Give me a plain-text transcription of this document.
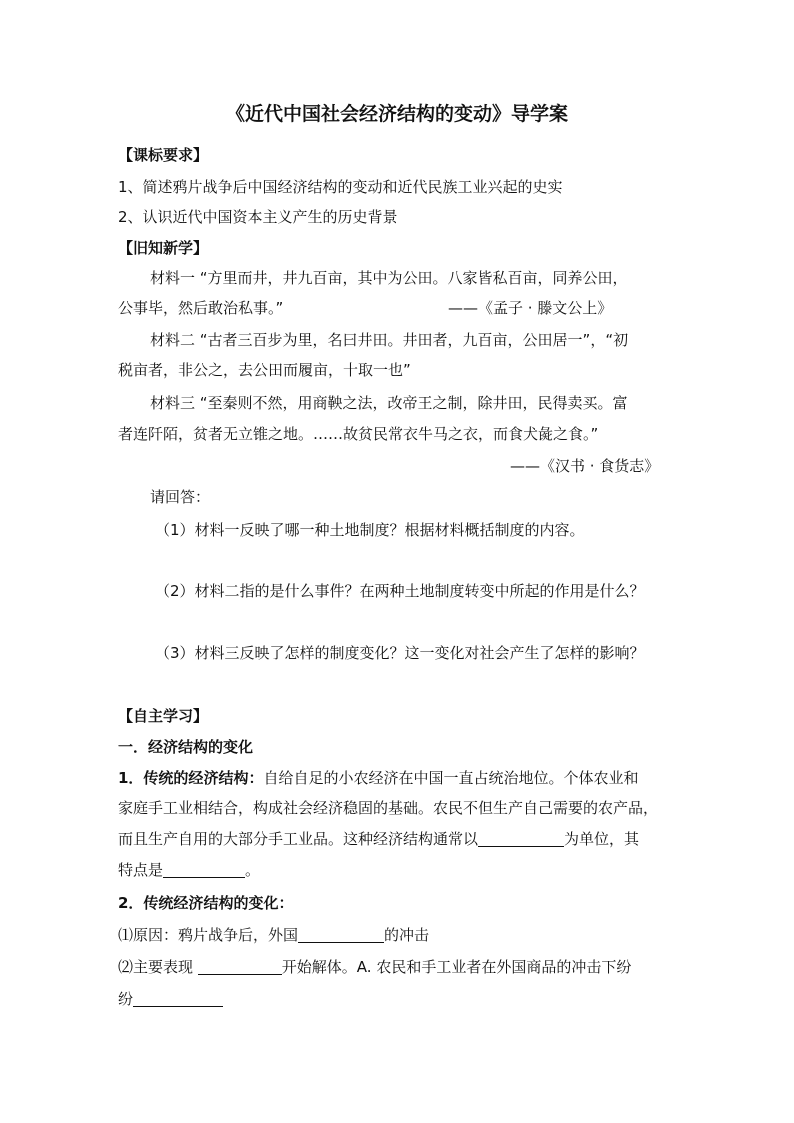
《近代中国社会经济结构的变动》导学案
【课标要求】
1、简述鸦片战争后中国经济结构的变动和近代民族工业兴起的史实
2、认识近代中国资本主义产生的历史背景
【旧知新学】
材料一 “方里而井，井九百亩，其中为公田。八家皆私百亩，同养公田，
公事毕，然后敢治私事。”	——《孟子 · 滕文公上》
材料二 “古者三百步为里，名曰井田。井田者，九百亩，公田居一”，“初
税亩者，非公之，去公田而履亩，十取一也”
材料三 “至秦则不然，用商鞅之法，改帝王之制，除井田，民得卖买。富
者连阡陌，贫者无立锥之地。……故贫民常衣牛马之衣，而食犬彘之食。”
——《汉书 · 食货志》
请回答：
（1）材料一反映了哪一种土地制度？根据材料概括制度的内容。
（2）材料二指的是什么事件？在两种土地制度转变中所起的作用是什么？
（3）材料三反映了怎样的制度变化？这一变化对社会产生了怎样的影响？
【自主学习】
一．经济结构的变化
1．传统的经济结构：自给自足的小农经济在中国一直占统治地位。个体农业和
家庭手工业相结合，构成社会经济稳固的基础。农民不但生产自己需要的农产品，
而且生产自用的大部分手工业品。这种经济结构通常以	为单位，其
特点是	。
2．传统经济结构的变化：
⑴原因：鸦片战争后，外国	的冲击
⑵主要表现	开始解体。A. 农民和手工业者在外国商品的冲击下纷
纷
